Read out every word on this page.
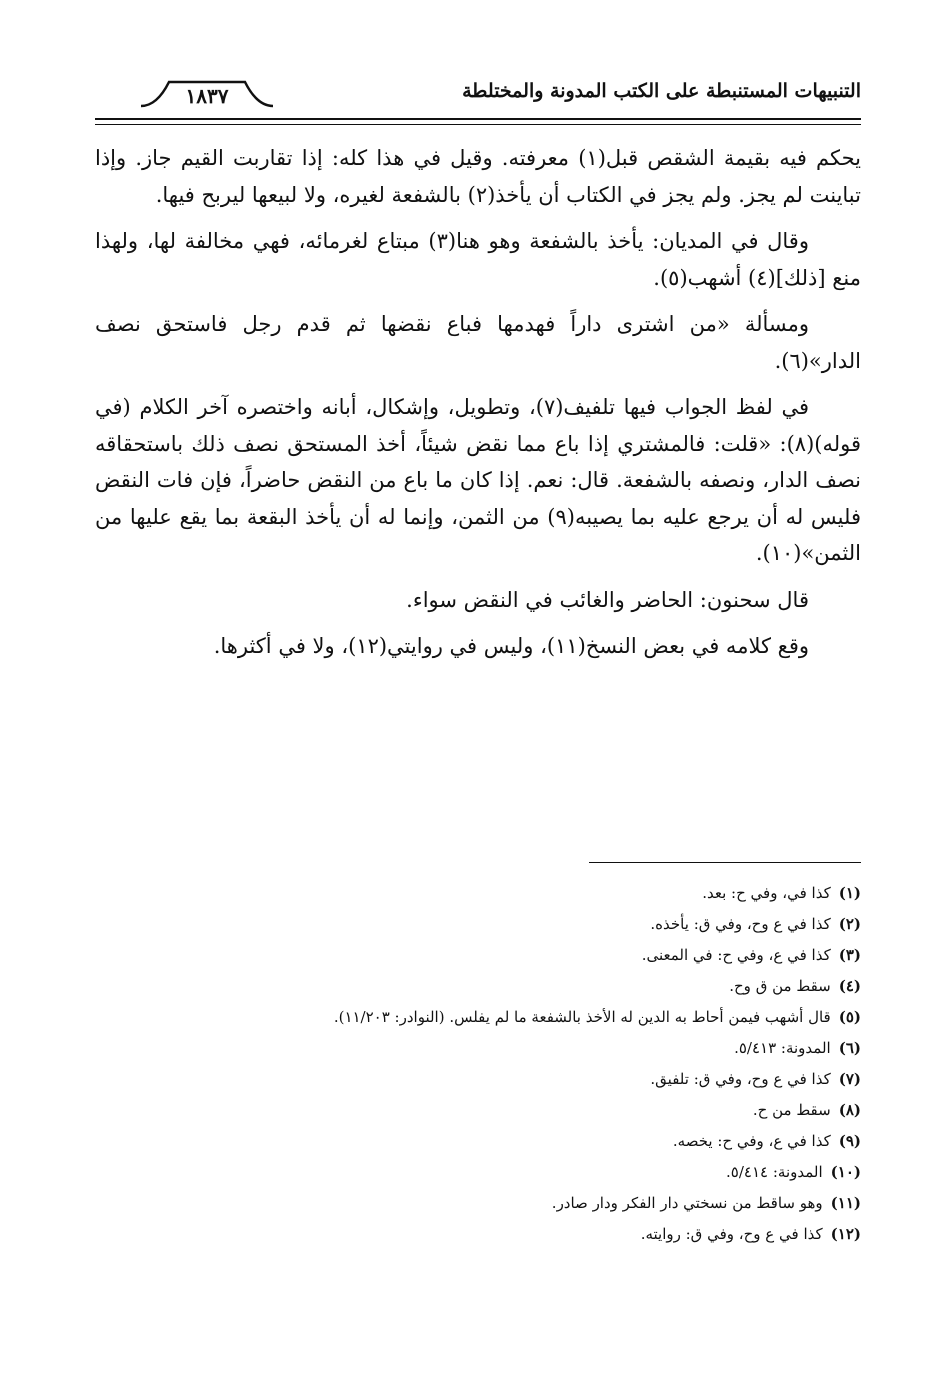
التنبيهات المستنبطة على الكتب المدونة والمختلطة
١٨٣٧

يحكم فيه بقيمة الشقص قبل(١) معرفته. وقيل في هذا كله: إذا تقاربت القيم جاز. وإذا تباينت لم يجز. ولم يجز في الكتاب أن يأخذ(٢) بالشفعة لغيره، ولا لبيعها ليربح فيها.

وقال في المديان: يأخذ بالشفعة وهو هنا(٣) مبتاع لغرمائه، فهي مخالفة لها، ولهذا منع [ذلك](٤) أشهب(٥).

ومسألة «من اشترى داراً فهدمها فباع نقضها ثم قدم رجل فاستحق نصف الدار»(٦).

في لفظ الجواب فيها تلفيف(٧)، وتطويل، وإشكال، أبانه واختصره آخر الكلام (في قوله)(٨): «قلت: فالمشتري إذا باع مما نقض شيئاً، أخذ المستحق نصف ذلك باستحقاقه نصف الدار، ونصفه بالشفعة. قال: نعم. إذا كان ما باع من النقض حاضراً، فإن فات النقض فليس له أن يرجع عليه بما يصيبه(٩) من الثمن، وإنما له أن يأخذ البقعة بما يقع عليها من الثمن»(١٠).

قال سحنون: الحاضر والغائب في النقض سواء.

وقع كلامه في بعض النسخ(١١)، وليس في روايتي(١٢)، ولا في أكثرها.

(١)كذا في، وفي ح: بعد.
(٢)كذا في ع وح، وفي ق: يأخذه.
(٣)كذا في ع، وفي ح: في المعنى.
(٤)سقط من ق وح.
(٥)قال أشهب فيمن أحاط به الدين له الأخذ بالشفعة ما لم يفلس. (النوادر: ١١/٢٠٣).
(٦)المدونة: ٥/٤١٣.
(٧)كذا في ع وح، وفي ق: تلفيق.
(٨)سقط من ح.
(٩)كذا في ع، وفي ح: يخصه.
(١٠)المدونة: ٥/٤١٤.
(١١)وهو ساقط من نسختي دار الفكر ودار صادر.
(١٢)كذا في ع وح، وفي ق: روايته.
